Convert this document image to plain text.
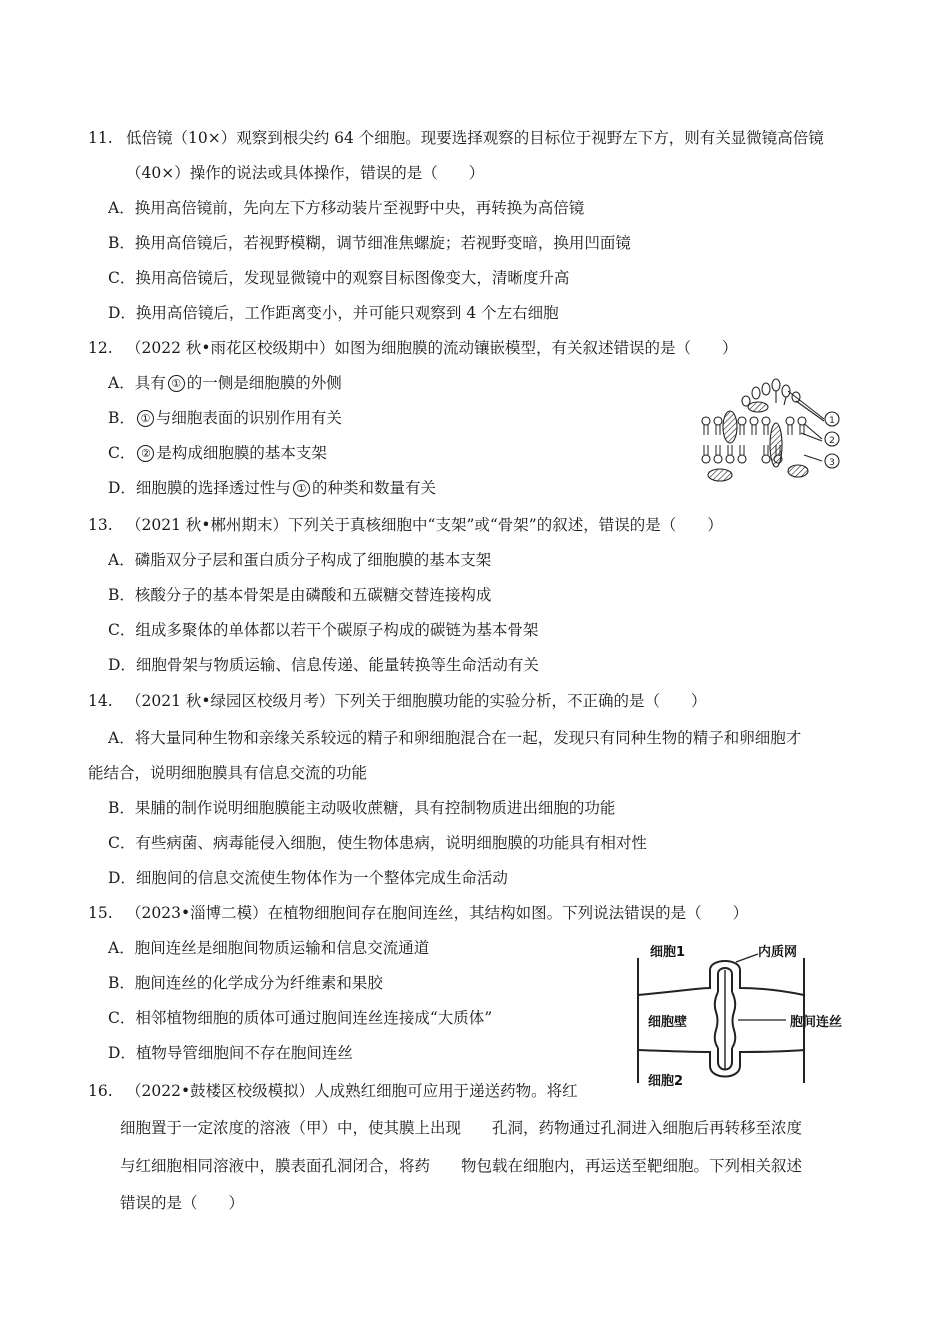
11. 低倍镜（10×）观察到根尖约 64 个细胞。现要选择观察的目标位于视野左下方，则有关显微镜高倍镜
（40×）操作的说法或具体操作，错误的是（　　）
A．换用高倍镜前，先向左下方移动装片至视野中央，再转换为高倍镜
B．换用高倍镜后，若视野模糊，调节细准焦螺旋；若视野变暗，换用凹面镜
C．换用高倍镜后，发现显微镜中的观察目标图像变大，清晰度升高
D．换用高倍镜后，工作距离变小，并可能只观察到 4 个左右细胞
12. （2022 秋•雨花区校级期中）如图为细胞膜的流动镶嵌模型，有关叙述错误的是（　　）
A．具有 ① 的一侧是细胞膜的外侧
B． ① 与细胞表面的识别作用有关
C． ② 是构成细胞膜的基本支架
D．细胞膜的选择透过性与 ① 的种类和数量有关
1
2
3
13. （2021 秋•郴州期末）下列关于真核细胞中“支架”或“骨架”的叙述，错误的是（　　）
A．磷脂双分子层和蛋白质分子构成了细胞膜的基本支架
B．核酸分子的基本骨架是由磷酸和五碳糖交替连接构成
C．组成多聚体的单体都以若干个碳原子构成的碳链为基本骨架
D．细胞骨架与物质运输、信息传递、能量转换等生命活动有关
14. （2021 秋•绿园区校级月考）下列关于细胞膜功能的实验分析，不正确的是（　　）
A．将大量同种生物和亲缘关系较远的精子和卵细胞混合在一起，发现只有同种生物的精子和卵细胞才
能结合，说明细胞膜具有信息交流的功能
B．果脯的制作说明细胞膜能主动吸收蔗糖，具有控制物质进出细胞的功能
C．有些病菌、病毒能侵入细胞，使生物体患病，说明细胞膜的功能具有相对性
D．细胞间的信息交流使生物体作为一个整体完成生命活动
15. （2023•淄博二模）在植物细胞间存在胞间连丝，其结构如图。下列说法错误的是（　　）
A．胞间连丝是细胞间物质运输和信息交流通道
B．胞间连丝的化学成分为纤维素和果胶
C．相邻植物细胞的质体可通过胞间连丝连接成“大质体”
D．植物导管细胞间不存在胞间连丝
细胞1	内质网
细胞壁	胞间连丝
细胞2
16. （2022•鼓楼区校级模拟）人成熟红细胞可应用于递送药物。将红
细胞置于一定浓度的溶液（甲）中，使其膜上出现　　孔洞，药物通过孔洞进入细胞后再转移至浓度
与红细胞相同溶液中，膜表面孔洞闭合，将药　　物包载在细胞内，再运送至靶细胞。下列相关叙述
错误的是（　　）
